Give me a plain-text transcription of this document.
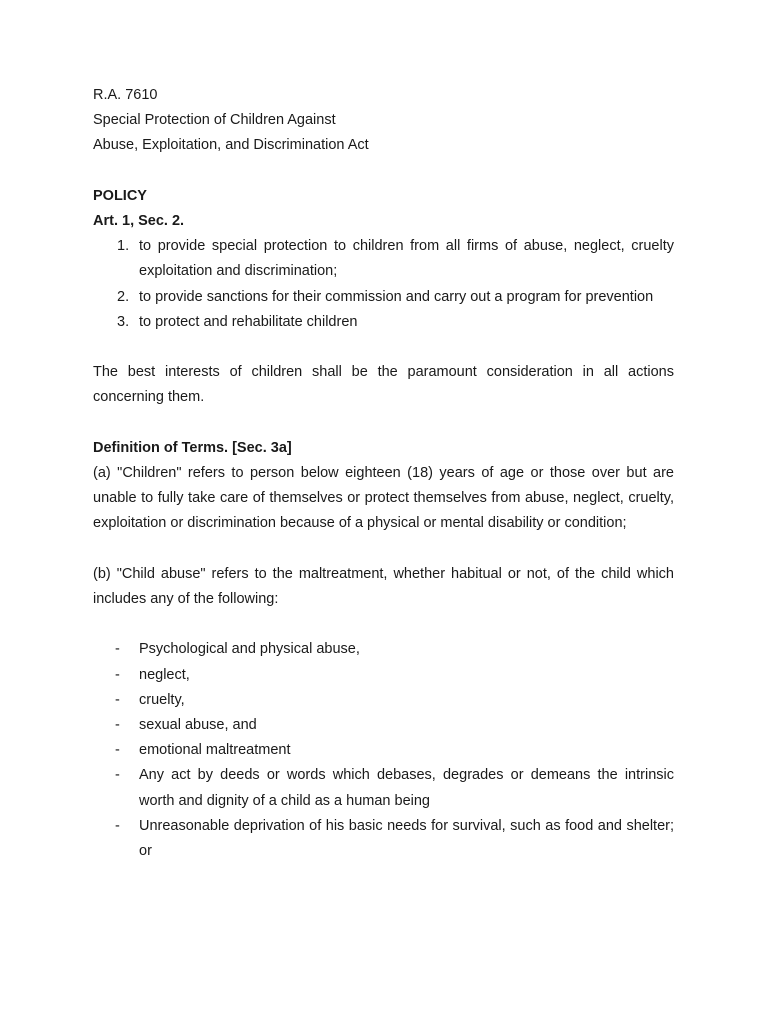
R.A. 7610
Special Protection of Children Against
Abuse, Exploitation, and Discrimination Act
POLICY
Art. 1, Sec. 2.
1. to provide special protection to children from all firms of abuse, neglect, cruelty exploitation and discrimination;
2. to provide sanctions for their commission and carry out a program for prevention
3. to protect and rehabilitate children
The best interests of children shall be the paramount consideration in all actions concerning them.
Definition of Terms. [Sec. 3a]
(a) "Children" refers to person below eighteen (18) years of age or those over but are unable to fully take care of themselves or protect themselves from abuse, neglect, cruelty, exploitation or discrimination because of a physical or mental disability or condition;
(b) "Child abuse" refers to the maltreatment, whether habitual or not, of the child which includes any of the following:
- Psychological and physical abuse,
- neglect,
- cruelty,
- sexual abuse, and
- emotional maltreatment
- Any act by deeds or words which debases, degrades or demeans the intrinsic worth and dignity of a child as a human being
- Unreasonable deprivation of his basic needs for survival, such as food and shelter; or
